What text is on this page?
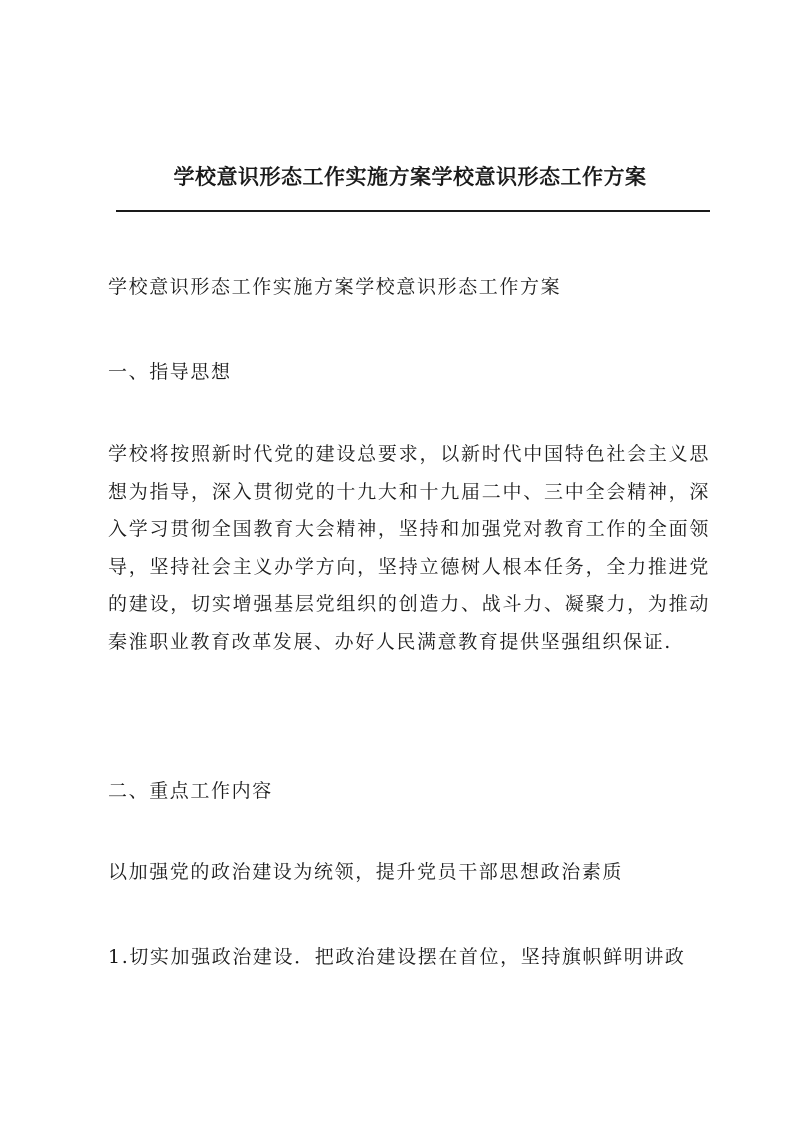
学校意识形态工作实施方案学校意识形态工作方案

学校意识形态工作实施方案学校意识形态工作方案

一、指导思想

学校将按照新时代党的建设总要求，以新时代中国特色社会主义思想为指导，深入贯彻党的十九大和十九届二中、三中全会精神，深入学习贯彻全国教育大会精神，坚持和加强党对教育工作的全面领导，坚持社会主义办学方向，坚持立德树人根本任务，全力推进党的建设，切实增强基层党组织的创造力、战斗力、凝聚力，为推动秦淮职业教育改革发展、办好人民满意教育提供坚强组织保证.

二、重点工作内容

以加强党的政治建设为统领，提升党员干部思想政治素质

1.切实加强政治建设．把政治建设摆在首位，坚持旗帜鲜明讲政
